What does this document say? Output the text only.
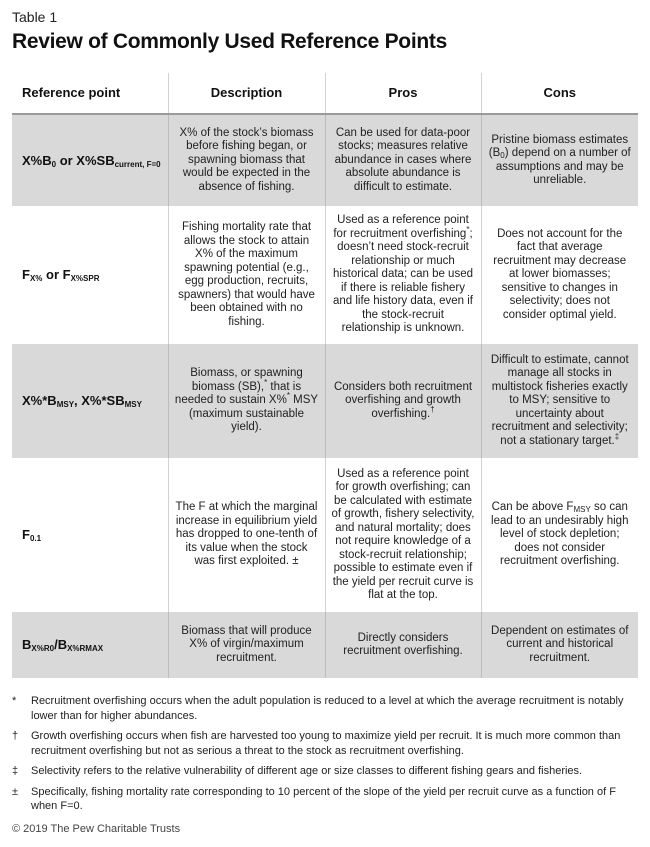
Table 1
Review of Commonly Used Reference Points
Reference point	Description	Pros	Cons
$X\%B_0$ or $X\%SB_{current, F=0}$	X% of the stock’s biomass before fishing began, or spawning biomass that would be expected in the absence of fishing.	Can be used for data-poor stocks; measures relative abundance in cases where absolute abundance is difficult to estimate.	Pristine biomass estimates $(B_0)$ depend on a number of assumptions and may be unreliable.
$F_{X\%}$ or $F_{X\%SPR}$	Fishing mortality rate that allows the stock to attain X% of the maximum spawning potential (e.g., egg production, recruits, spawners) that would have been obtained with no fishing.	Used as a reference point for recruitment overfishing*; doesn’t need stock-recruit relationship or much historical data; can be used if there is reliable fishery and life history data, even if the stock-recruit relationship is unknown.	Does not account for the fact that average recruitment may decrease at lower biomasses; sensitive to changes in selectivity; does not consider optimal yield.
$X\%*B_{MSY}$, $X\%*SB_{MSY}$	Biomass, or spawning biomass (SB),* that is needed to sustain X%* MSY (maximum sustainable yield).	Considers both recruitment overfishing and growth overfishing.†	Difficult to estimate, cannot manage all stocks in multistock fisheries exactly to MSY; sensitive to uncertainty about recruitment and selectivity; not a stationary target.‡
$F_{0.1}$	The F at which the marginal increase in equilibrium yield has dropped to one-tenth of its value when the stock was first exploited. ±	Used as a reference point for growth overfishing; can be calculated with estimate of growth, fishery selectivity, and natural mortality; does not require knowledge of a stock-recruit relationship; possible to estimate even if the yield per recruit curve is flat at the top.	Can be above $F_{MSY}$ so can lead to an undesirably high level of stock depletion; does not consider recruitment overfishing.
$B_{X\%R0}/B_{X\%RMAX}$	Biomass that will produce X% of virgin/maximum recruitment.	Directly considers recruitment overfishing.	Dependent on estimates of current and historical recruitment.
* Recruitment overfishing occurs when the adult population is reduced to a level at which the average recruitment is notably lower than for higher abundances.
† Growth overfishing occurs when fish are harvested too young to maximize yield per recruit. It is much more common than recruitment overfishing but not as serious a threat to the stock as recruitment overfishing.
‡ Selectivity refers to the relative vulnerability of different age or size classes to different fishing gears and fisheries.
± Specifically, fishing mortality rate corresponding to 10 percent of the slope of the yield per recruit curve as a function of F when F=0.
© 2019 The Pew Charitable Trusts
